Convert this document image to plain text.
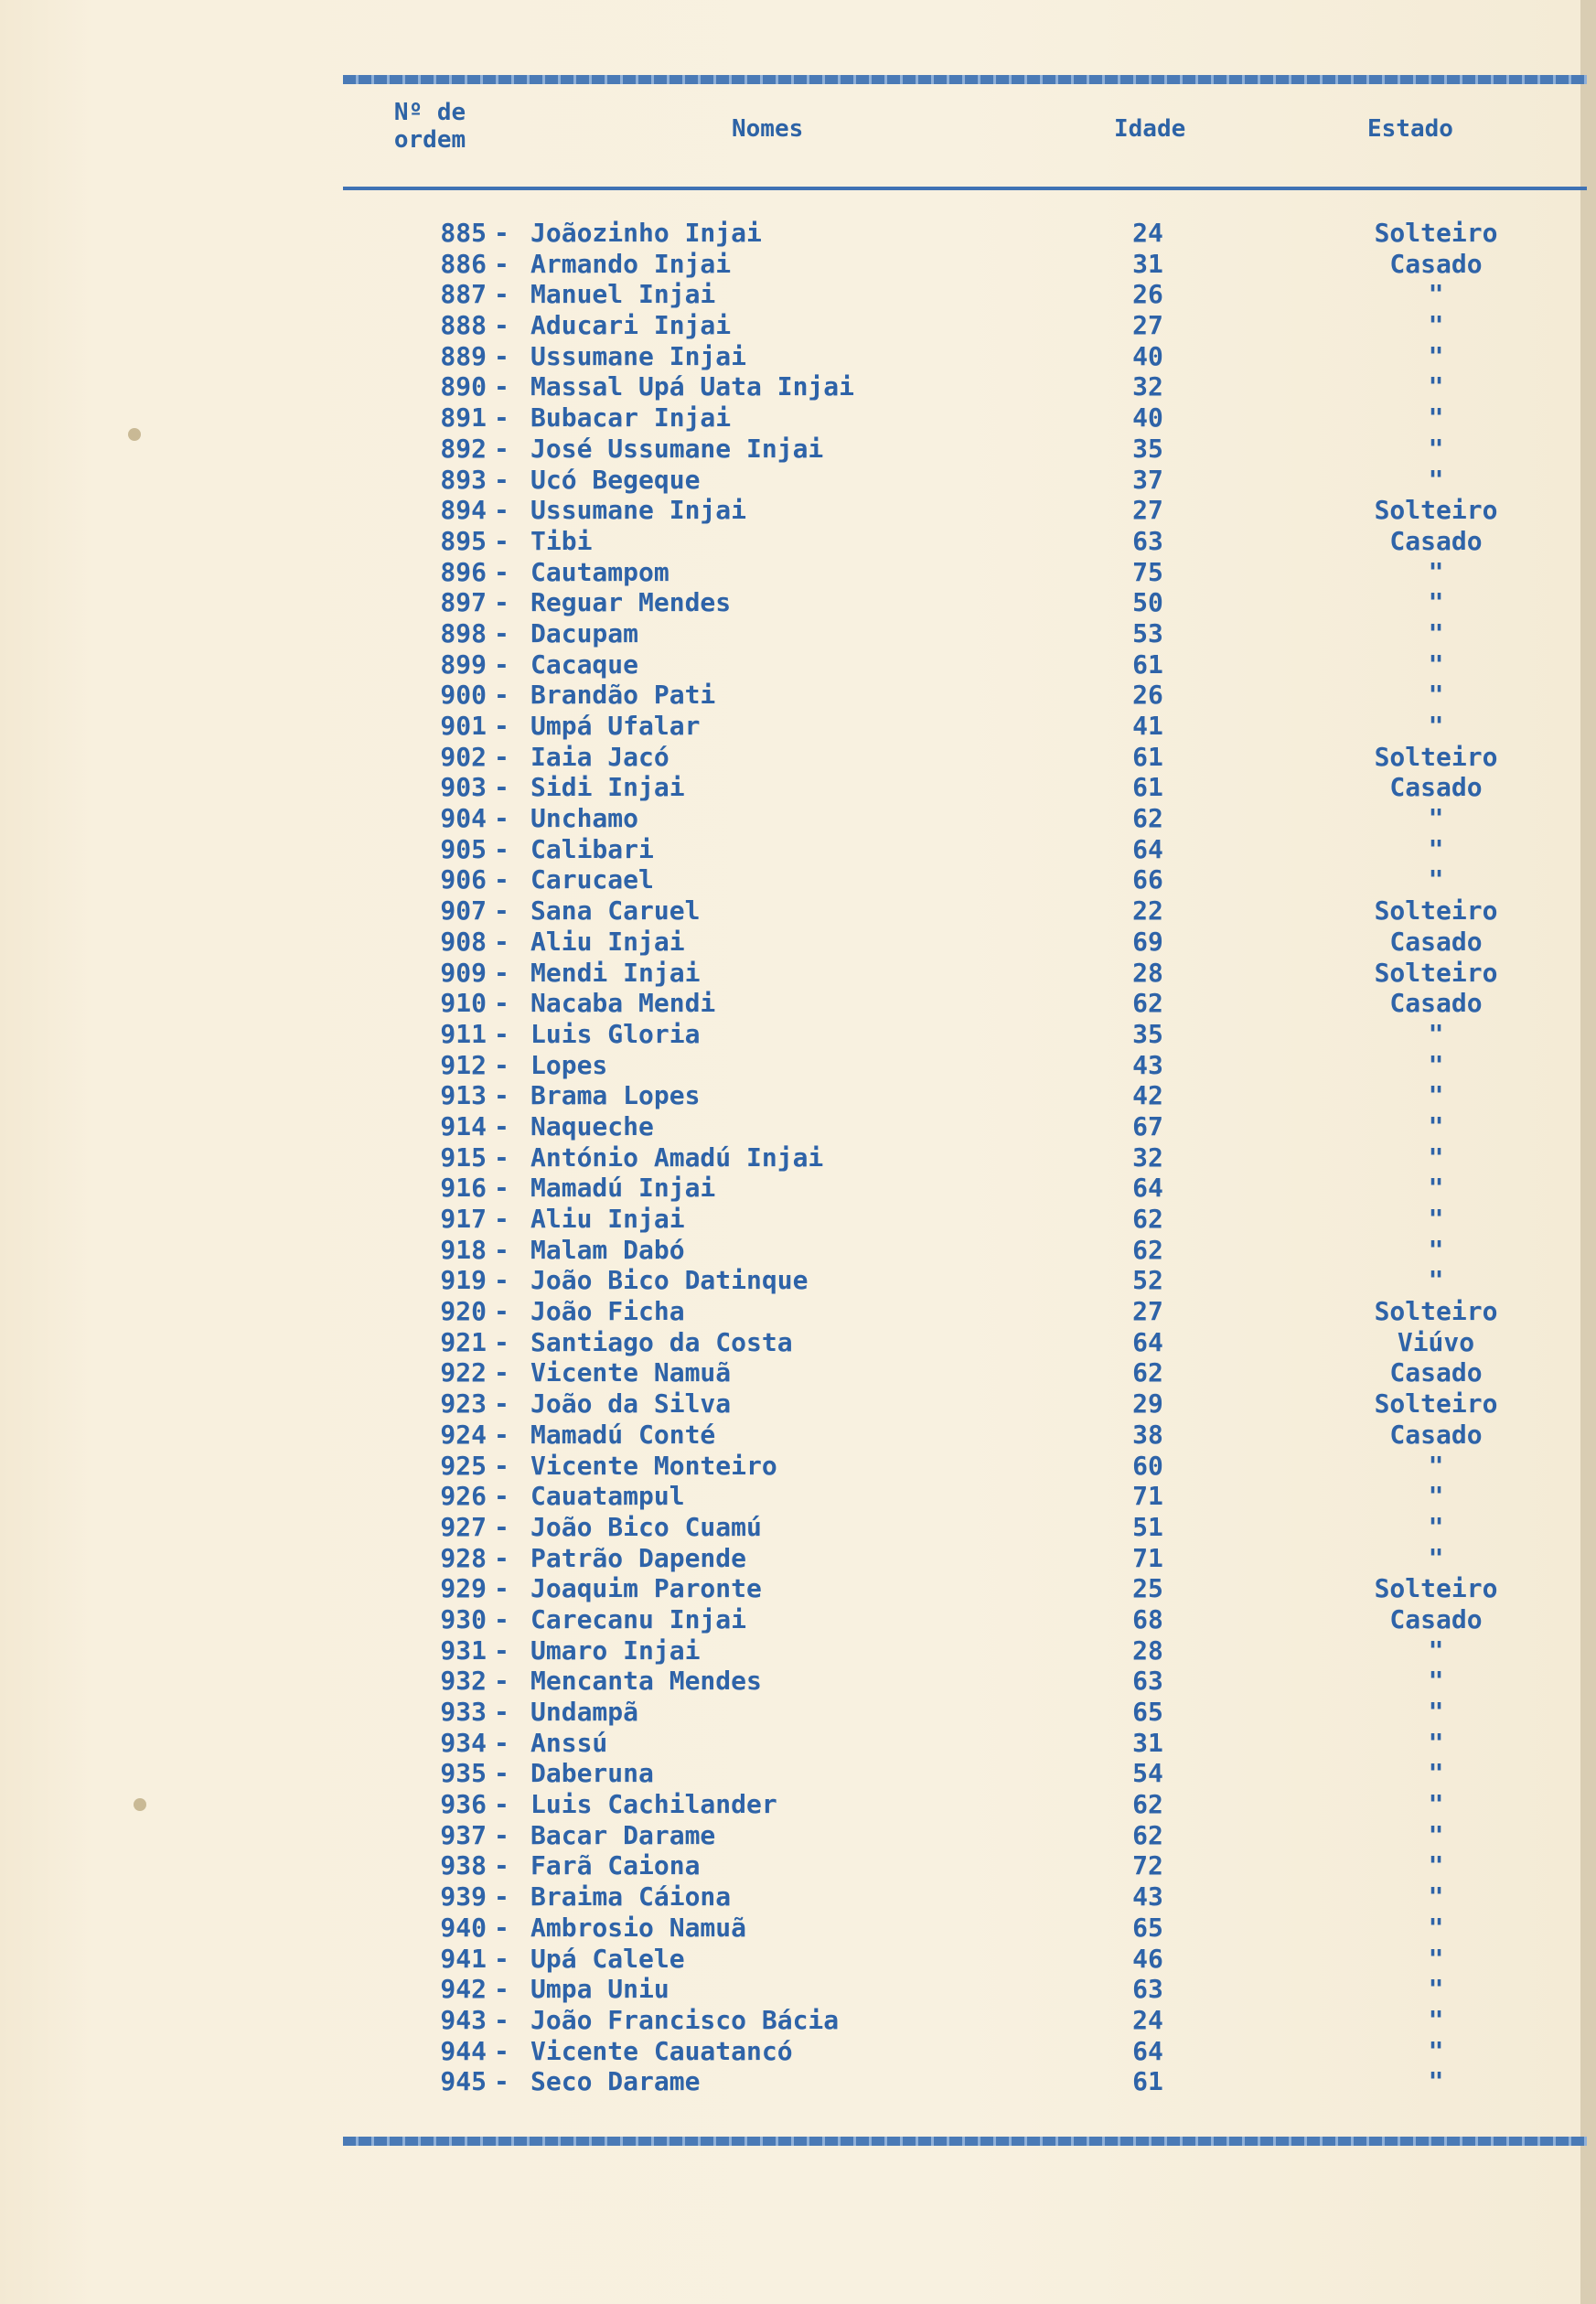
Nº de
ordem	Nomes	Idade	Estado
885 - Joãozinho Injai	24	Solteiro
886 - Armando Injai	31	Casado
887 - Manuel Injai	26	"
888 - Aducari Injai	27	"
889 - Ussumane Injai	40	"
890 - Massal Upá Uata Injai	32	"
891 - Bubacar Injai	40	"
892 - José Ussumane Injai	35	"
893 - Ucó Begeque	37	"
894 - Ussumane Injai	27	Solteiro
895 - Tibi	63	Casado
896 - Cautampom	75	"
897 - Reguar Mendes	50	"
898 - Dacupam	53	"
899 - Cacaque	61	"
900 - Brandão Pati	26	"
901 - Umpá Ufalar	41	"
902 - Iaia Jacó	61	Solteiro
903 - Sidi Injai	61	Casado
904 - Unchamo	62	"
905 - Calibari	64	"
906 - Carucael	66	"
907 - Sana Caruel	22	Solteiro
908 - Aliu Injai	69	Casado
909 - Mendi Injai	28	Solteiro
910 - Nacaba Mendi	62	Casado
911 - Luis Gloria	35	"
912 - Lopes	43	"
913 - Brama Lopes	42	"
914 - Naqueche	67	"
915 - António Amadú Injai	32	"
916 - Mamadú Injai	64	"
917 - Aliu Injai	62	"
918 - Malam Dabó	62	"
919 - João Bico Datinque	52	"
920 - João Ficha	27	Solteiro
921 - Santiago da Costa	64	Viúvo
922 - Vicente Namuã	62	Casado
923 - João da Silva	29	Solteiro
924 - Mamadú Conté	38	Casado
925 - Vicente Monteiro	60	"
926 - Cauatampul	71	"
927 - João Bico Cuamú	51	"
928 - Patrão Dapende	71	"
929 - Joaquim Paronte	25	Solteiro
930 - Carecanu Injai	68	Casado
931 - Umaro Injai	28	"
932 - Mencanta Mendes	63	"
933 - Undampã	65	"
934 - Anssú	31	"
935 - Daberuna	54	"
936 - Luis Cachilander	62	"
937 - Bacar Darame	62	"
938 - Farã Caiona	72	"
939 - Braima Cáiona	43	"
940 - Ambrosio Namuã	65	"
941 - Upá Calele	46	"
942 - Umpa Uniu	63	"
943 - João Francisco Bácia	24	"
944 - Vicente Cauatancó	64	"
945 - Seco Darame	61	"
